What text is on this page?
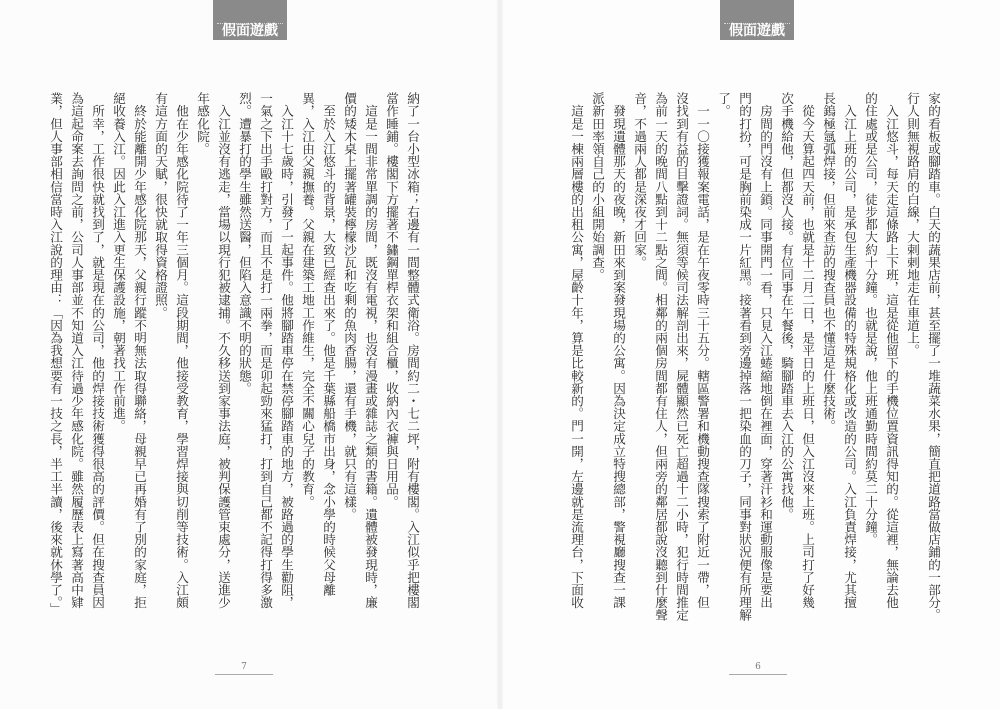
假面遊戲
納了一台小型冰箱；右邊有一間整體式衛浴。房間約二・七二坪，附有樓閣。入江似乎把樓閣
當作睡鋪。樓閣下方擺著不鏽鋼單桿衣架和組合櫃，收納內衣褲與日用品。
　這是一間非常單調的房間，既沒有電視，也沒有漫畫或雜誌之類的書籍。遺體被發現時，廉
價的矮木桌上擺著罐裝檸檬沙瓦和吃剩的魚肉香腸，還有手機，就只有這樣。
　至於入江悠斗的背景，大致已經查出來了。他是千葉縣船橋市出身，念小學的時候父母離
異，入江由父親撫養。父親在建築工地工作維生，完全不關心兒子的教育。
　入江十七歲時，引發了一起事件。他將腳踏車停在禁停腳踏車的地方，被路過的學生勸阻，
一氣之下出手毆打對方，而且不是打一兩拳，而是卯起勁來猛打，打到自己都不記得打得多激
烈。遭暴打的學生雖然送醫，但陷入意識不明的狀態。
　入江並沒有逃走，當場以現行犯被逮捕。不久移送到家事法庭，被判保護管束處分，送進少
年感化院。
　他在少年感化院待了一年三個月。這段期間，他接受教育，學習焊接與切削等技術。入江頗
有這方面的天賦，很快就取得資格證照。
　終於能離開少年感化院那天，父親行蹤不明無法取得聯絡，母親早已再婚有了別的家庭，拒
絕收養入江。因此入江進入更生保護設施，朝著找工作前進。
　所幸，工作很快就找到了，就是現在的公司，他的焊接技術獲得很高的評價。但在搜查員因
為這起命案去詢問之前，公司人事部並不知道入江待過少年感化院。雖然履歷表上寫著高中肄
業，但人事部相信當時入江說的理由：「因為我想要有一技之長，半工半讀，後來就休學了。」
7
假面遊戲
家的看板或腳踏車。白天的蔬果店前，甚至擺了一堆蔬菜水果，簡直把道路當做店鋪的一部分。
行人則無視路肩的白線，大剌剌地走在車道上。
　入江悠斗，每天走這條路上下班，這是從他留下的手機位置資訊得知的。從這裡，無論去他
的住處或是公司，徒步都大約十分鐘。也就是說，他上班通勤時間約莫二十分鐘。
　入江上班的公司，是承包生產機器設備的特殊規格化或改造的公司。入江負責焊接，尤其擅
長鎢極氬弧焊接，但前來查訪的搜查員也不懂這是什麼技術。
　從今天算起四天前，也就是十二月二日，是平日的上班日，但入江沒來上班。上司打了好幾
次手機給他，但都沒人接。有位同事在午餐後，騎腳踏車去入江的公寓找他。
　房間的門沒有上鎖。同事開門一看，只見入江蜷縮地倒在裡面，穿著汗衫和運動服像是要出
門的打扮，可是胸前染成一片紅黑。接著看到旁邊掉落一把染血的刀子，同事對狀況便有所理解
了。
　一一〇接獲報案電話，是在午夜零時三十五分。轄區警署和機動搜查隊搜索了附近一帶，但
沒找到有益的目擊證詞。無須等候司法解剖出來，屍體顯然已死亡超過十二小時，犯行時間推定
為前一天的晚間八點到十二點之間。相鄰的兩個房間都有住人，但兩旁的鄰居都說沒聽到什麼聲
音，不過兩人都是深夜才回家。
　發現遺體那天的夜晚，新田來到案發現場的公寓。因為決定成立特搜總部，警視廳搜查一課
派新田率領自己的小組開始調查。
　這是一棟兩層樓的出租公寓，屋齡十年，算是比較新的。門一開，左邊就是流理台，下面收
6
